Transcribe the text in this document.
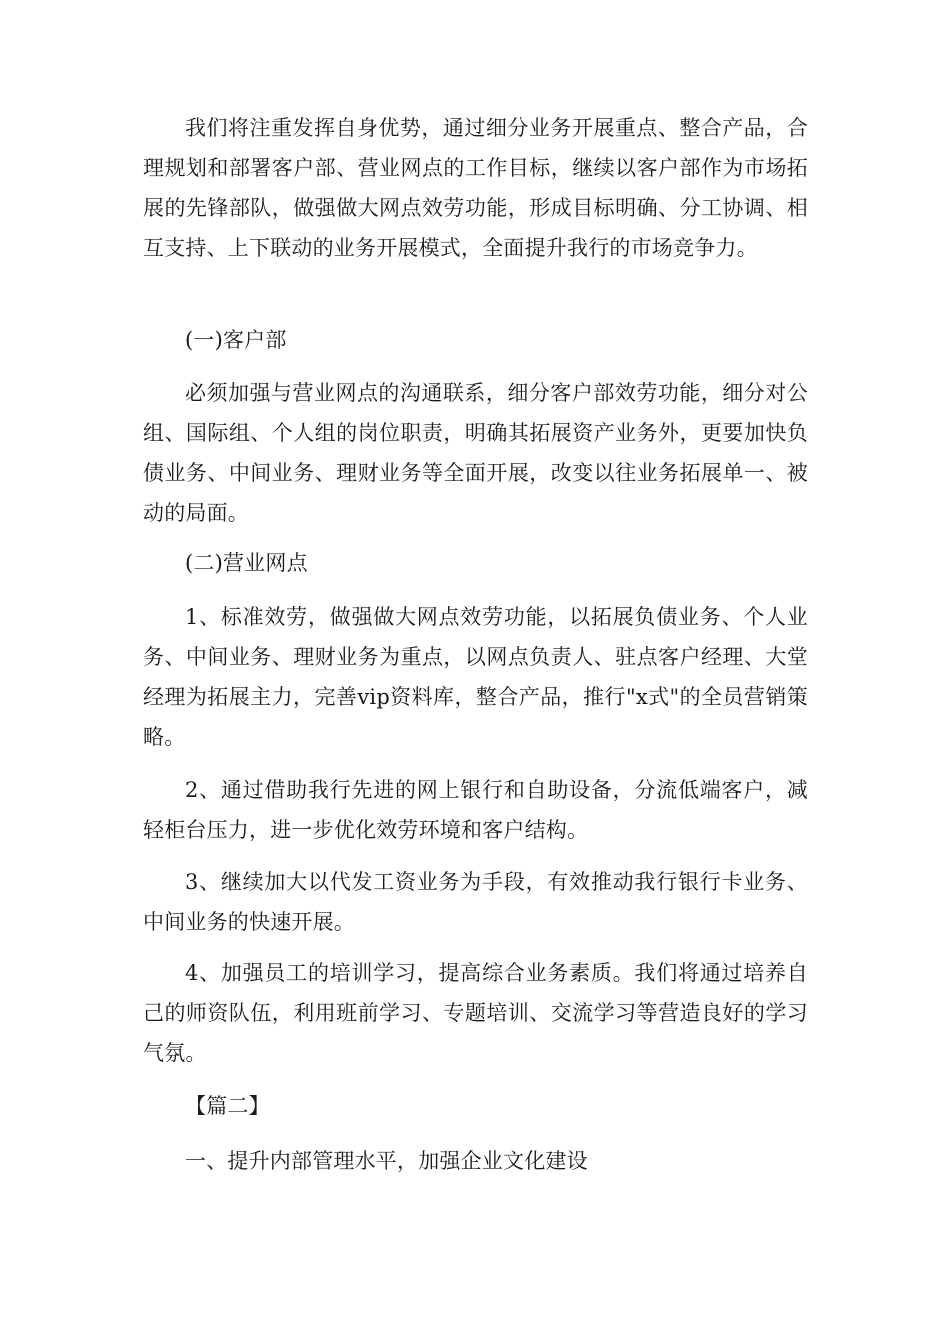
我们将注重发挥自身优势，通过细分业务开展重点、整合产品，合理规划和部署客户部、营业网点的工作目标，继续以客户部作为市场拓展的先锋部队，做强做大网点效劳功能，形成目标明确、分工协调、相互支持、上下联动的业务开展模式，全面提升我行的市场竞争力。

(一)客户部

必须加强与营业网点的沟通联系，细分客户部效劳功能，细分对公组、国际组、个人组的岗位职责，明确其拓展资产业务外，更要加快负债业务、中间业务、理财业务等全面开展，改变以往业务拓展单一、被动的局面。

(二)营业网点

1、标准效劳，做强做大网点效劳功能，以拓展负债业务、个人业务、中间业务、理财业务为重点，以网点负责人、驻点客户经理、大堂经理为拓展主力，完善vip资料库，整合产品，推行"x式"的全员营销策略。

2、通过借助我行先进的网上银行和自助设备，分流低端客户，减轻柜台压力，进一步优化效劳环境和客户结构。

3、继续加大以代发工资业务为手段，有效推动我行银行卡业务、中间业务的快速开展。

4、加强员工的培训学习，提高综合业务素质。我们将通过培养自己的师资队伍，利用班前学习、专题培训、交流学习等营造良好的学习气氛。

【篇二】

一、提升内部管理水平，加强企业文化建设
